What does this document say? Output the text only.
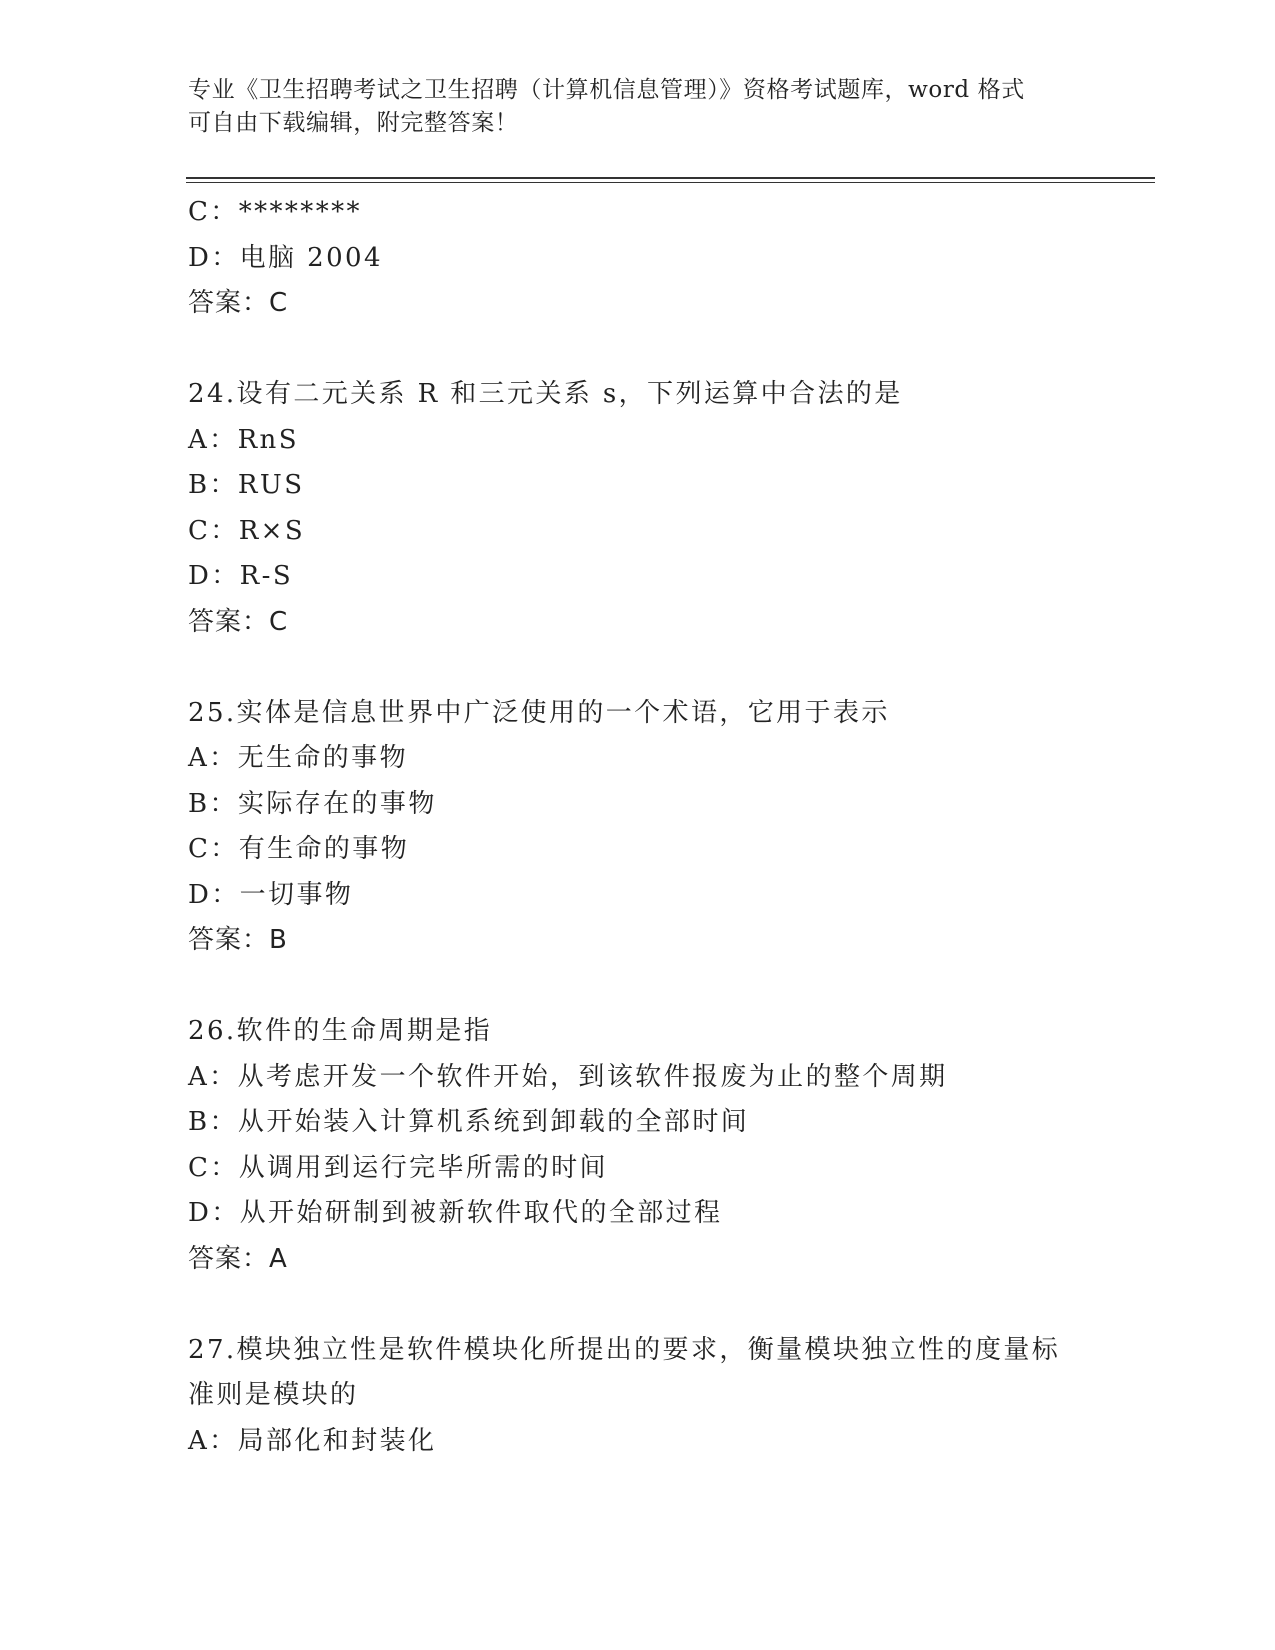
专业《卫生招聘考试之卫生招聘（计算机信息管理）》资格考试题库，word 格式
可自由下载编辑，附完整答案！
C：********
D：电脑 2004
答案：C
24.设有二元关系 R 和三元关系 s，下列运算中合法的是
A：RnS
B：RUS
C：R×S
D：R-S
答案：C
25.实体是信息世界中广泛使用的一个术语，它用于表示
A：无生命的事物
B：实际存在的事物
C：有生命的事物
D：一切事物
答案：B
26.软件的生命周期是指
A：从考虑开发一个软件开始，到该软件报废为止的整个周期
B：从开始装入计算机系统到卸载的全部时间
C：从调用到运行完毕所需的时间
D：从开始研制到被新软件取代的全部过程
答案：A
27.模块独立性是软件模块化所提出的要求，衡量模块独立性的度量标
准则是模块的
A：局部化和封装化
